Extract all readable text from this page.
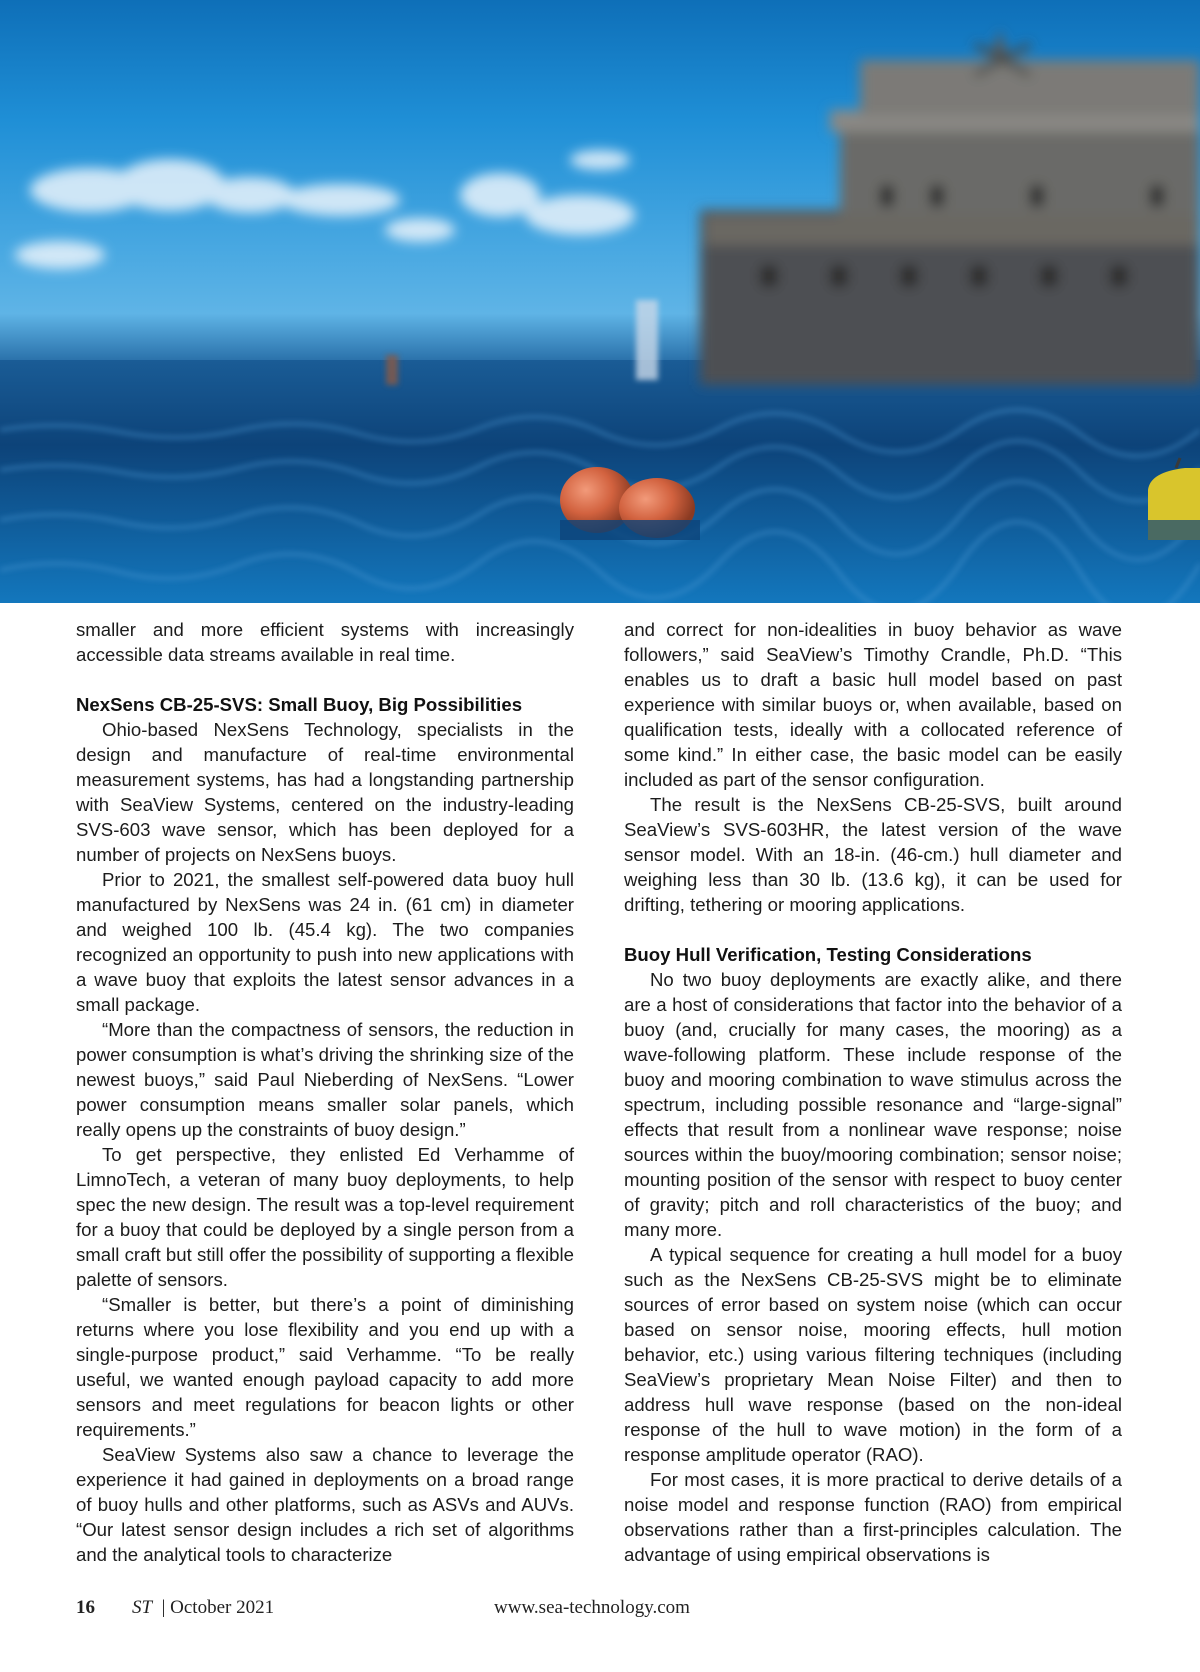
smaller and more efficient systems with increasingly accessible data streams available in real time.

NexSens CB-25-SVS: Small Buoy, Big Possibilities

Ohio-based NexSens Technology, specialists in the design and manufacture of real-time environmental measurement systems, has had a longstanding partnership with SeaView Systems, centered on the industry-leading SVS-603 wave sensor, which has been deployed for a number of projects on NexSens buoys.

Prior to 2021, the smallest self-powered data buoy hull manufactured by NexSens was 24 in. (61 cm) in diameter and weighed 100 lb. (45.4 kg). The two companies recognized an opportunity to push into new applications with a wave buoy that exploits the latest sensor advances in a small package.

“More than the compactness of sensors, the reduction in power consumption is what’s driving the shrinking size of the newest buoys,” said Paul Nieberding of NexSens. “Lower power consumption means smaller solar panels, which really opens up the constraints of buoy design.”

To get perspective, they enlisted Ed Verhamme of LimnoTech, a veteran of many buoy deployments, to help spec the new design. The result was a top-level requirement for a buoy that could be deployed by a single person from a small craft but still offer the possibility of supporting a flexible palette of sensors.

“Smaller is better, but there’s a point of diminishing returns where you lose flexibility and you end up with a single-purpose product,” said Verhamme. “To be really useful, we wanted enough payload capacity to add more sensors and meet regulations for beacon lights or other requirements.”

SeaView Systems also saw a chance to leverage the experience it had gained in deployments on a broad range of buoy hulls and other platforms, such as ASVs and AUVs. “Our latest sensor design includes a rich set of algorithms and the analytical tools to characterize

and correct for non-idealities in buoy behavior as wave followers,” said SeaView’s Timothy Crandle, Ph.D. “This enables us to draft a basic hull model based on past experience with similar buoys or, when available, based on qualification tests, ideally with a collocated reference of some kind.” In either case, the basic model can be easily included as part of the sensor configuration.

The result is the NexSens CB-25-SVS, built around SeaView’s SVS-603HR, the latest version of the wave sensor model. With an 18-in. (46-cm.) hull diameter and weighing less than 30 lb. (13.6 kg), it can be used for drifting, tethering or mooring applications.

Buoy Hull Verification, Testing Considerations

No two buoy deployments are exactly alike, and there are a host of considerations that factor into the behavior of a buoy (and, crucially for many cases, the mooring) as a wave-following platform. These include response of the buoy and mooring combination to wave stimulus across the spectrum, including possible resonance and “large-signal” effects that result from a nonlinear wave response; noise sources within the buoy/mooring combination; sensor noise; mounting position of the sensor with respect to buoy center of gravity; pitch and roll characteristics of the buoy; and many more.

A typical sequence for creating a hull model for a buoy such as the NexSens CB-25-SVS might be to eliminate sources of error based on system noise (which can occur based on sensor noise, mooring effects, hull motion behavior, etc.) using various filtering techniques (including SeaView’s proprietary Mean Noise Filter) and then to address hull wave response (based on the non-ideal response of the hull to wave motion) in the form of a response amplitude operator (RAO).

For most cases, it is more practical to derive details of a noise model and response function (RAO) from empirical observations rather than a first-principles calculation. The advantage of using empirical observations is

16 ST | October 2021	www.sea-technology.com
